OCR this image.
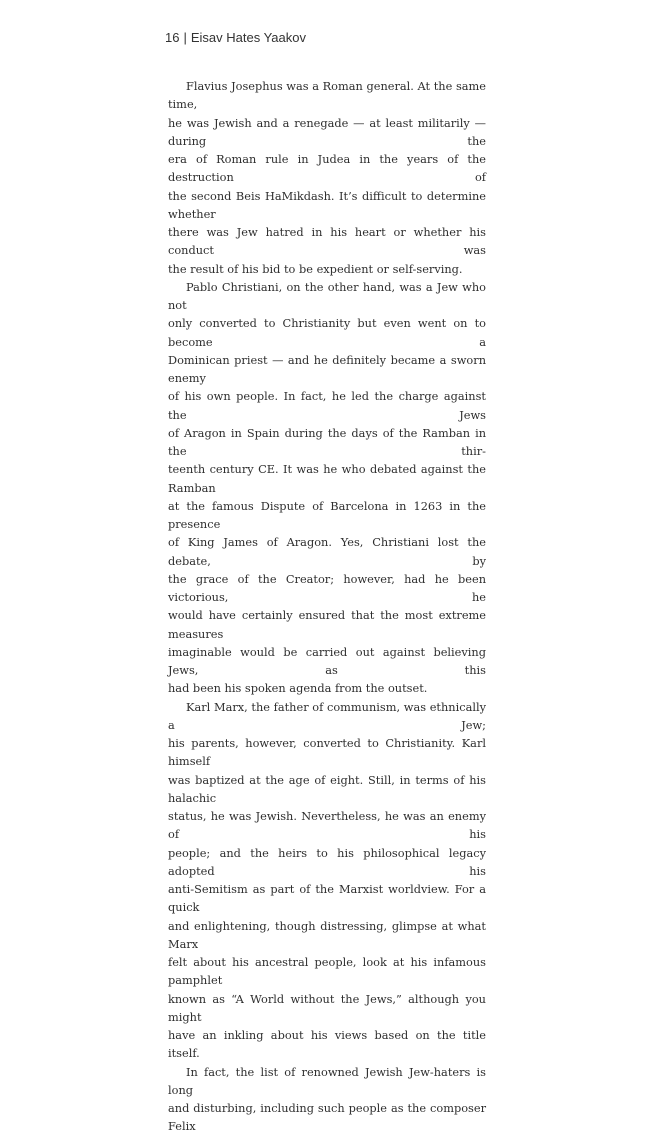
16 | Eisav Hates Yaakov

Flavius Josephus was a Roman general. At the same time,
he was Jewish and a renegade — at least militarily — during the
era of Roman rule in Judea in the years of the destruction of
the second Beis HaMikdash. It’s difficult to determine whether
there was Jew hatred in his heart or whether his conduct was
the result of his bid to be expedient or self-serving.

Pablo Christiani, on the other hand, was a Jew who not
only converted to Christianity but even went on to become a
Dominican priest — and he definitely became a sworn enemy
of his own people. In fact, he led the charge against the Jews
of Aragon in Spain during the days of the Ramban in the thir-
teenth century CE. It was he who debated against the Ramban
at the famous Dispute of Barcelona in 1263 in the presence
of King James of Aragon. Yes, Christiani lost the debate, by
the grace of the Creator; however, had he been victorious, he
would have certainly ensured that the most extreme measures
imaginable would be carried out against believing Jews, as this
had been his spoken agenda from the outset.

Karl Marx, the father of communism, was ethnically a Jew;
his parents, however, converted to Christianity. Karl himself
was baptized at the age of eight. Still, in terms of his halachic
status, he was Jewish. Nevertheless, he was an enemy of his
people; and the heirs to his philosophical legacy adopted his
anti-Semitism as part of the Marxist worldview. For a quick
and enlightening, though distressing, glimpse at what Marx
felt about his ancestral people, look at his infamous pamphlet
known as “A World without the Jews,” although you might
have an inkling about his views based on the title itself.

In fact, the list of renowned Jewish Jew-haters is long
and disturbing, including such people as the composer Felix
